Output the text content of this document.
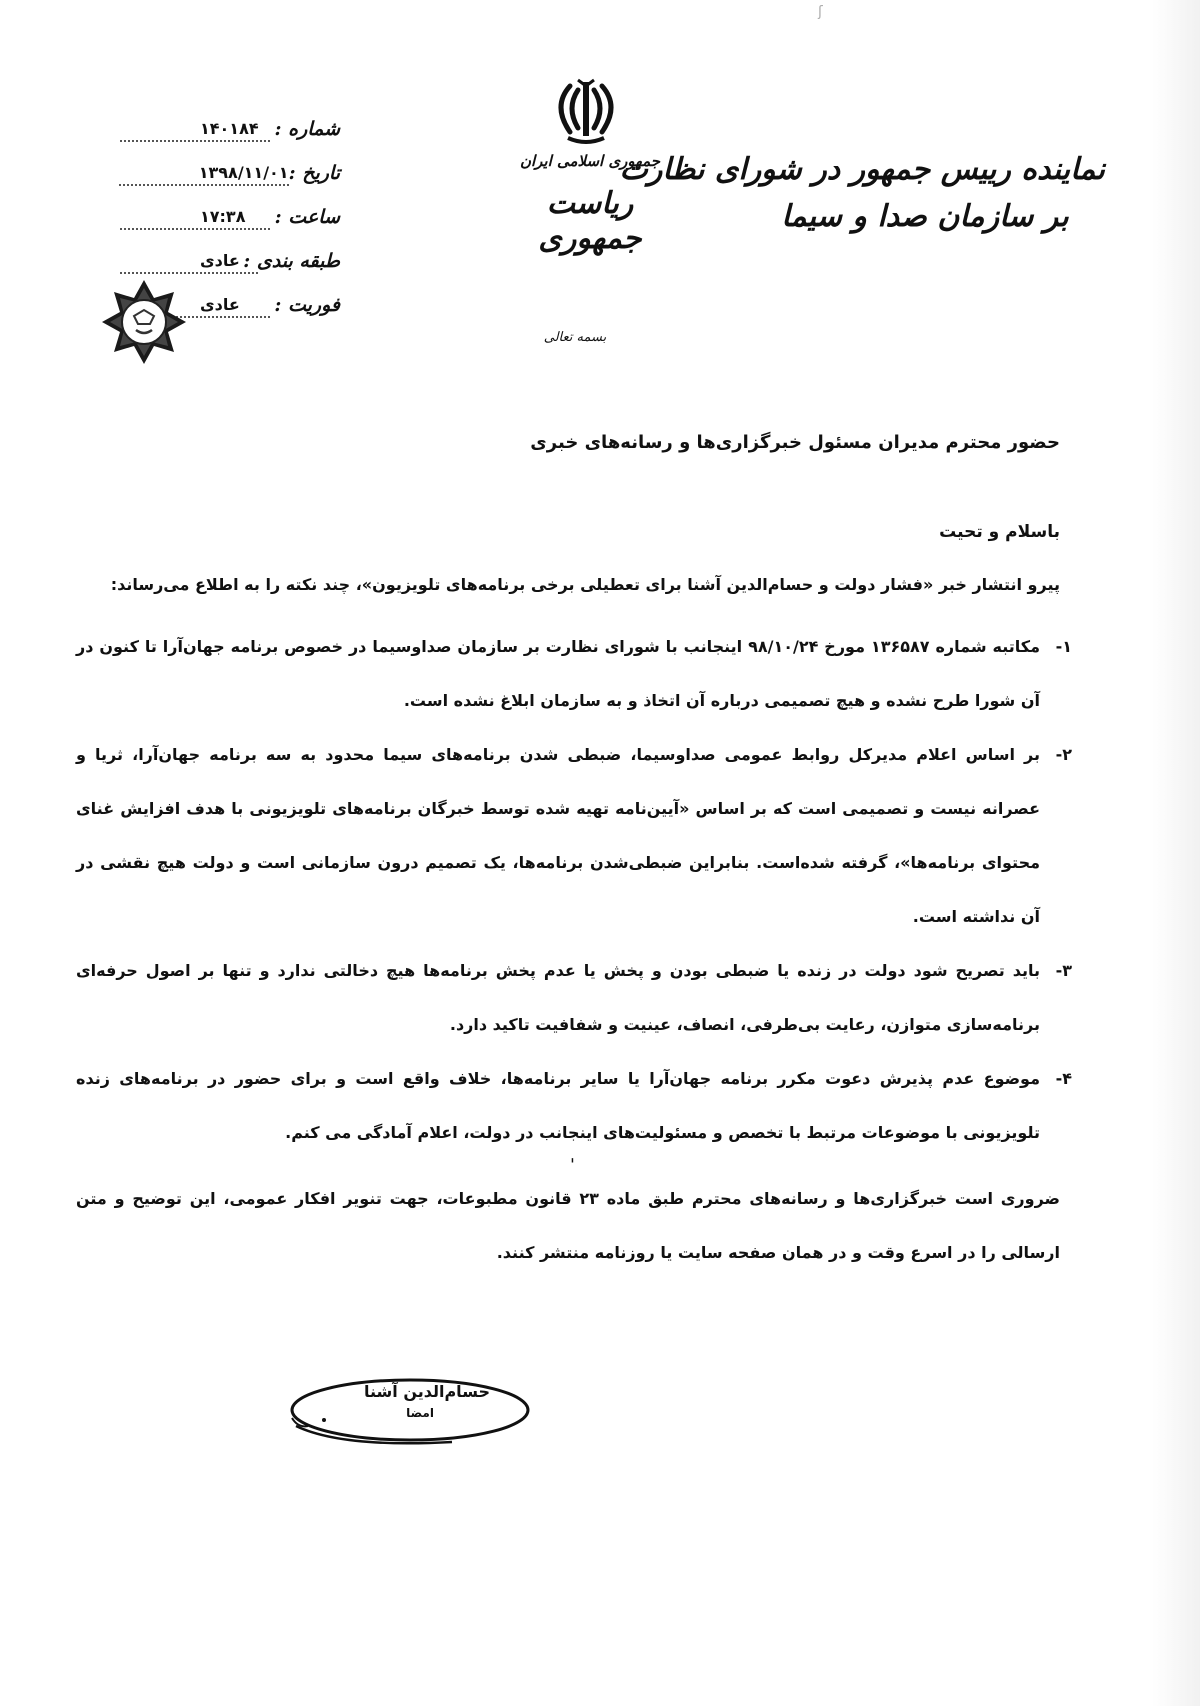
ʃ
شماره :
۱۴۰۱۸۴
تاریخ :
۱۳۹۸/۱۱/۰۱
ساعت :
۱۷:۳۸
طبقه بندی :
عادی
فوریت :
عادی
جمهوری اسلامی ایران
ریاست جمهوری
بسمه تعالی
نماینده رییس جمهور در شورای نظارت
بر سازمان صدا و سیما
حضور محترم مدیران مسئول خبرگزاری‌ها و رسانه‌های خبری
باسلام و تحیت
پیرو انتشار خبر «فشار دولت و حسام‌الدین آشنا برای تعطیلی برخی برنامه‌های تلویزیون»، چند نکته را به اطلاع می‌رساند:
۱-
مکاتبه شماره ۱۳۶۵۸۷ مورخ ۹۸/۱۰/۲۴ اینجانب با شورای نظارت بر سازمان صداوسیما در خصوص برنامه جهان‌آرا تا کنون در آن شورا طرح نشده و هیچ تصمیمی درباره آن اتخاذ و به سازمان ابلاغ نشده است.
۲-
بر اساس اعلام مدیرکل روابط عمومی صداوسیما، ضبطی شدن برنامه‌های سیما محدود به سه برنامه جهان‌آرا، ثریا و عصرانه نیست و تصمیمی است که بر اساس «آیین‌نامه تهیه شده توسط خبرگان برنامه‌های تلویزیونی با هدف افزایش غنای محتوای برنامه‌ها»، گرفته شده‌است. بنابراین ضبطی‌شدن برنامه‌ها، یک تصمیم درون سازمانی است و دولت هیچ نقشی در آن نداشته است.
۳-
باید تصریح شود دولت در زنده یا ضبطی بودن و پخش یا عدم پخش برنامه‌ها هیچ دخالتی ندارد و تنها بر اصول حرفه‌ای برنامه‌سازی متوازن، رعایت بی‌طرفی، انصاف، عینیت و شفافیت تاکید دارد.
۴-
موضوع عدم پذیرش دعوت مکرر برنامه جهان‌آرا یا سایر برنامه‌ها، خلاف واقع است و برای حضور در برنامه‌های زنده تلویزیونی با موضوعات مرتبط با تخصص و مسئولیت‌های اینجانب در دولت، اعلام آمادگی می کنم.
ˌ
ضروری است خبرگزاری‌ها و رسانه‌های محترم طبق ماده ۲۳ قانون مطبوعات، جهت تنویر افکار عمومی، این توضیح و متن ارسالی را در اسرع وقت و در همان صفحه سایت یا روزنامه منتشر کنند.
حسام‌الدین آشنا
امضا
